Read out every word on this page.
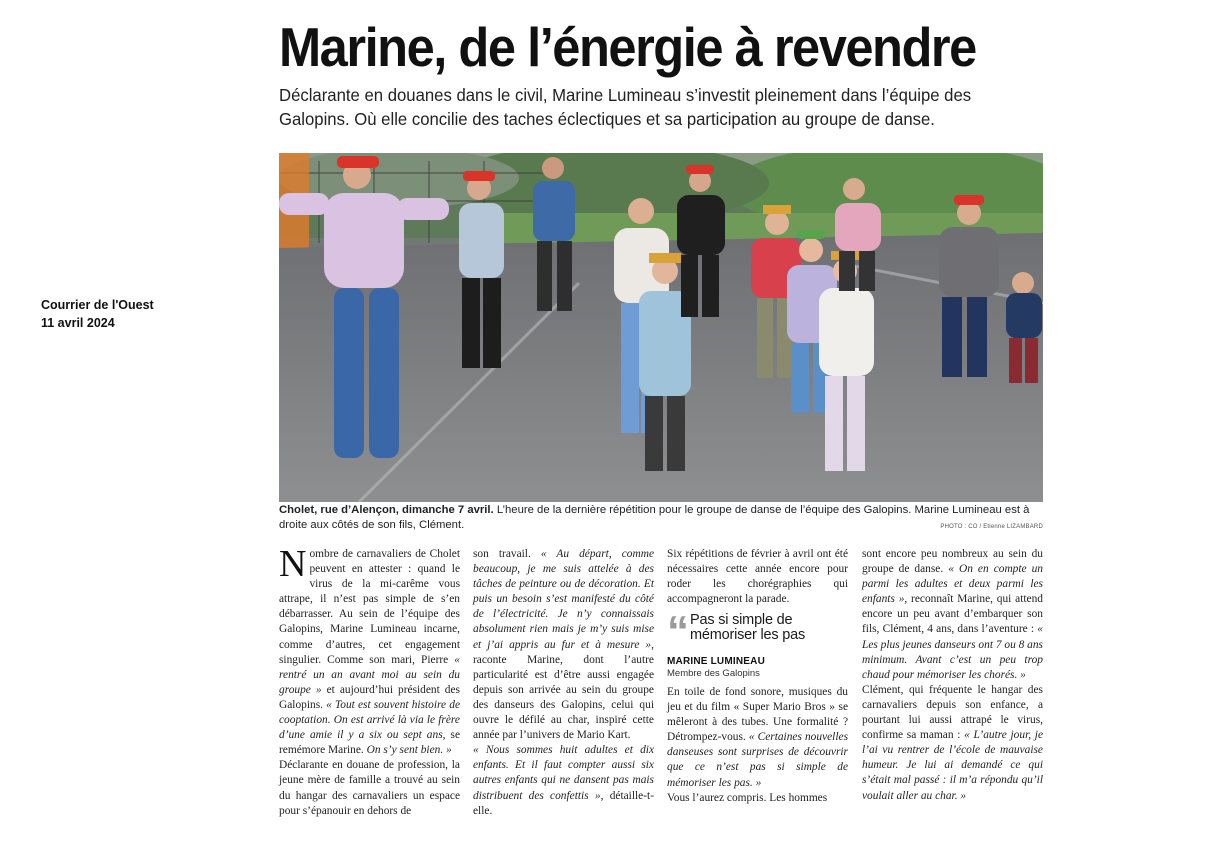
Courrier de l'Ouest
11 avril 2024
Marine, de l’énergie à revendre
Déclarante en douanes dans le civil, Marine Lumineau s’investit pleinement dans l’équipe des Galopins. Où elle concilie des taches éclectiques et sa participation au groupe de danse.
Cholet, rue d’Alençon, dimanche 7 avril. L’heure de la dernière répétition pour le groupe de danse de l’équipe des Galopins. Marine Lumineau est à droite aux côtés de son fils, Clément.	PHOTO : CO / Etienne LIZAMBARD

Nombre de carnavaliers de Cholet peuvent en attester : quand le virus de la mi-carême vous attrape, il n’est pas simple de s’en débarrasser. Au sein de l’équipe des Galopins, Marine Lumineau incarne, comme d’autres, cet engagement singulier. Comme son mari, Pierre « rentré un an avant moi au sein du groupe » et aujourd’hui président des Galopins. « Tout est souvent histoire de cooptation. On est arrivé là via le frère d’une amie il y a six ou sept ans, se remémore Marine. On s’y sent bien. »

Déclarante en douane de profession, la jeune mère de famille a trouvé au sein du hangar des carnavaliers un espace pour s’épanouir en dehors de

son travail. « Au départ, comme beaucoup, je me suis attelée à des tâches de peinture ou de décoration. Et puis un besoin s’est manifesté du côté de l’électricité. Je n’y connaissais absolument rien mais je m’y suis mise et j’ai appris au fur et à mesure », raconte Marine, dont l’autre particularité est d’être aussi engagée depuis son arrivée au sein du groupe des danseurs des Galopins, celui qui ouvre le défilé au char, inspiré cette année par l’univers de Mario Kart.

« Nous sommes huit adultes et dix enfants. Et il faut compter aussi six autres enfants qui ne dansent pas mais distribuent des confettis », détaille-t-elle.

Six répétitions de février à avril ont été nécessaires cette année encore pour roder les chorégraphies qui accompagneront la parade.

“ Pas si simple de mémoriser les pas
MARINE LUMINEAU
Membre des Galopins

En toile de fond sonore, musiques du jeu et du film « Super Mario Bros » se mêleront à des tubes. Une formalité ? Détrompez-vous. « Certaines nouvelles danseuses sont surprises de découvrir que ce n’est pas si simple de mémoriser les pas. »

Vous l’aurez compris. Les hommes

sont encore peu nombreux au sein du groupe de danse. « On en compte un parmi les adultes et deux parmi les enfants », reconnaît Marine, qui attend encore un peu avant d’embarquer son fils, Clément, 4 ans, dans l’aventure : « Les plus jeunes danseurs ont 7 ou 8 ans minimum. Avant c’est un peu trop chaud pour mémoriser les chorés. »

Clément, qui fréquente le hangar des carnavaliers depuis son enfance, a pourtant lui aussi attrapé le virus, confirme sa maman : « L’autre jour, je l’ai vu rentrer de l’école de mauvaise humeur. Je lui ai demandé ce qui s’était mal passé : il m’a répondu qu’il voulait aller au char. »
